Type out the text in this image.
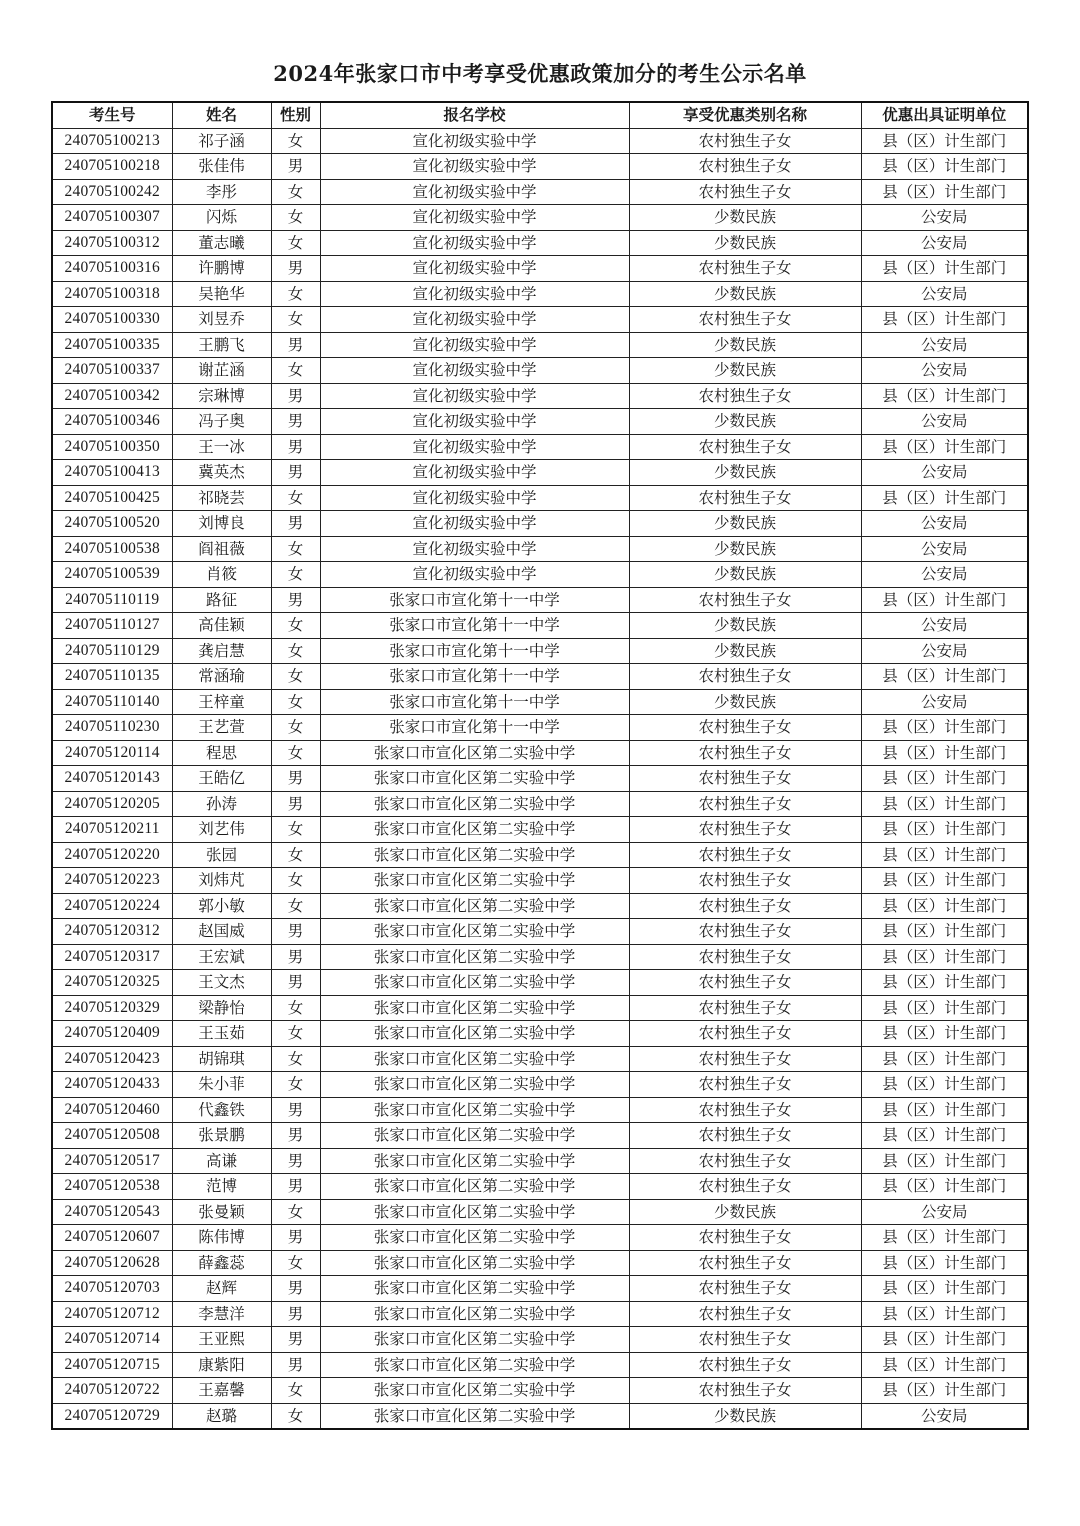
2024年张家口市中考享受优惠政策加分的考生公示名单
考生号	姓名	性别	报名学校	享受优惠类别名称	优惠出具证明单位
240705100213	祁子涵	女	宣化初级实验中学	农村独生子女	县（区）计生部门
240705100218	张佳伟	男	宣化初级实验中学	农村独生子女	县（区）计生部门
240705100242	李彤	女	宣化初级实验中学	农村独生子女	县（区）计生部门
240705100307	闪烁	女	宣化初级实验中学	少数民族	公安局
240705100312	董志曦	女	宣化初级实验中学	少数民族	公安局
240705100316	许鹏博	男	宣化初级实验中学	农村独生子女	县（区）计生部门
240705100318	吴艳华	女	宣化初级实验中学	少数民族	公安局
240705100330	刘昱乔	女	宣化初级实验中学	农村独生子女	县（区）计生部门
240705100335	王鹏飞	男	宣化初级实验中学	少数民族	公安局
240705100337	谢芷涵	女	宣化初级实验中学	少数民族	公安局
240705100342	宗琳博	男	宣化初级实验中学	农村独生子女	县（区）计生部门
240705100346	冯子奥	男	宣化初级实验中学	少数民族	公安局
240705100350	王一冰	男	宣化初级实验中学	农村独生子女	县（区）计生部门
240705100413	冀英杰	男	宣化初级实验中学	少数民族	公安局
240705100425	祁晓芸	女	宣化初级实验中学	农村独生子女	县（区）计生部门
240705100520	刘博良	男	宣化初级实验中学	少数民族	公安局
240705100538	阎祖薇	女	宣化初级实验中学	少数民族	公安局
240705100539	肖筱	女	宣化初级实验中学	少数民族	公安局
240705110119	路征	男	张家口市宣化第十一中学	农村独生子女	县（区）计生部门
240705110127	高佳颖	女	张家口市宣化第十一中学	少数民族	公安局
240705110129	龚启慧	女	张家口市宣化第十一中学	少数民族	公安局
240705110135	常涵瑜	女	张家口市宣化第十一中学	农村独生子女	县（区）计生部门
240705110140	王梓童	女	张家口市宣化第十一中学	少数民族	公安局
240705110230	王艺萱	女	张家口市宣化第十一中学	农村独生子女	县（区）计生部门
240705120114	程思	女	张家口市宣化区第二实验中学	农村独生子女	县（区）计生部门
240705120143	王皓亿	男	张家口市宣化区第二实验中学	农村独生子女	县（区）计生部门
240705120205	孙涛	男	张家口市宣化区第二实验中学	农村独生子女	县（区）计生部门
240705120211	刘艺伟	女	张家口市宣化区第二实验中学	农村独生子女	县（区）计生部门
240705120220	张园	女	张家口市宣化区第二实验中学	农村独生子女	县（区）计生部门
240705120223	刘炜芃	女	张家口市宣化区第二实验中学	农村独生子女	县（区）计生部门
240705120224	郭小敏	女	张家口市宣化区第二实验中学	农村独生子女	县（区）计生部门
240705120312	赵国威	男	张家口市宣化区第二实验中学	农村独生子女	县（区）计生部门
240705120317	王宏斌	男	张家口市宣化区第二实验中学	农村独生子女	县（区）计生部门
240705120325	王文杰	男	张家口市宣化区第二实验中学	农村独生子女	县（区）计生部门
240705120329	梁静怡	女	张家口市宣化区第二实验中学	农村独生子女	县（区）计生部门
240705120409	王玉茹	女	张家口市宣化区第二实验中学	农村独生子女	县（区）计生部门
240705120423	胡锦琪	女	张家口市宣化区第二实验中学	农村独生子女	县（区）计生部门
240705120433	朱小菲	女	张家口市宣化区第二实验中学	农村独生子女	县（区）计生部门
240705120460	代鑫铁	男	张家口市宣化区第二实验中学	农村独生子女	县（区）计生部门
240705120508	张景鹏	男	张家口市宣化区第二实验中学	农村独生子女	县（区）计生部门
240705120517	高谦	男	张家口市宣化区第二实验中学	农村独生子女	县（区）计生部门
240705120538	范博	男	张家口市宣化区第二实验中学	农村独生子女	县（区）计生部门
240705120543	张曼颖	女	张家口市宣化区第二实验中学	少数民族	公安局
240705120607	陈伟博	男	张家口市宣化区第二实验中学	农村独生子女	县（区）计生部门
240705120628	薛鑫蕊	女	张家口市宣化区第二实验中学	农村独生子女	县（区）计生部门
240705120703	赵辉	男	张家口市宣化区第二实验中学	农村独生子女	县（区）计生部门
240705120712	李慧洋	男	张家口市宣化区第二实验中学	农村独生子女	县（区）计生部门
240705120714	王亚熙	男	张家口市宣化区第二实验中学	农村独生子女	县（区）计生部门
240705120715	康紫阳	男	张家口市宣化区第二实验中学	农村独生子女	县（区）计生部门
240705120722	王嘉馨	女	张家口市宣化区第二实验中学	农村独生子女	县（区）计生部门
240705120729	赵璐	女	张家口市宣化区第二实验中学	少数民族	公安局
